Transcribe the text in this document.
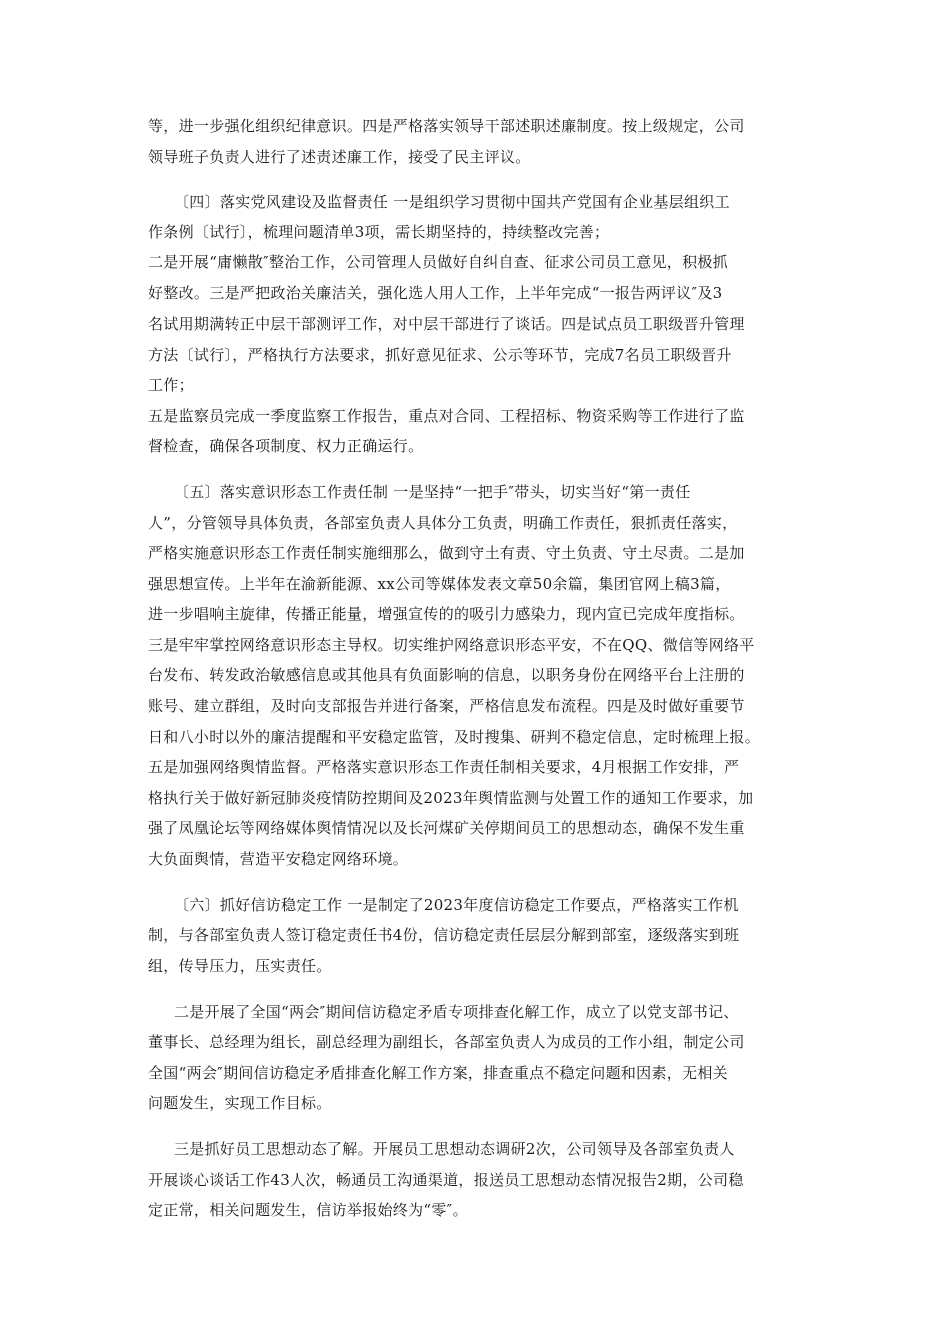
等，进一步强化组织纪律意识。四是严格落实领导干部述职述廉制度。按上级规定，公司
领导班子负责人进行了述责述廉工作，接受了民主评议。
〔四〕落实党风建设及监督责任 一是组织学习贯彻中国共产党国有企业基层组织工
作条例〔试行〕，梳理问题清单3项，需长期坚持的，持续整改完善；
二是开展“庸懒散″整治工作，公司管理人员做好自纠自查、征求公司员工意见，积极抓
好整改。三是严把政治关廉洁关，强化选人用人工作，上半年完成“一报告两评议″及3
名试用期满转正中层干部测评工作，对中层干部进行了谈话。四是试点员工职级晋升管理
方法〔试行〕，严格执行方法要求，抓好意见征求、公示等环节，完成7名员工职级晋升
工作；
五是监察员完成一季度监察工作报告，重点对合同、工程招标、物资采购等工作进行了监
督检查，确保各项制度、权力正确运行。
〔五〕落实意识形态工作责任制 一是坚持“一把手″带头，切实当好“第一责任
人”，分管领导具体负责，各部室负责人具体分工负责，明确工作责任，狠抓责任落实，
严格实施意识形态工作责任制实施细那么，做到守土有责、守土负责、守土尽责。二是加
强思想宣传。上半年在渝新能源、xx公司等媒体发表文章50余篇，集团官网上稿3篇，
进一步唱响主旋律，传播正能量，增强宣传的的吸引力感染力，现内宣已完成年度指标。
三是牢牢掌控网络意识形态主导权。切实维护网络意识形态平安，不在QQ、微信等网络平
台发布、转发政治敏感信息或其他具有负面影响的信息，以职务身份在网络平台上注册的
账号、建立群组，及时向支部报告并进行备案，严格信息发布流程。四是及时做好重要节
日和八小时以外的廉洁提醒和平安稳定监管，及时搜集、研判不稳定信息，定时梳理上报。
五是加强网络舆情监督。严格落实意识形态工作责任制相关要求，4月根据工作安排，严
格执行关于做好新冠肺炎疫情防控期间及2023年舆情监测与处置工作的通知工作要求，加
强了凤凰论坛等网络媒体舆情情况以及长河煤矿关停期间员工的思想动态，确保不发生重
大负面舆情，营造平安稳定网络环境。
〔六〕抓好信访稳定工作 一是制定了2023年度信访稳定工作要点，严格落实工作机
制，与各部室负责人签订稳定责任书4份，信访稳定责任层层分解到部室，逐级落实到班
组，传导压力，压实责任。
二是开展了全国“两会″期间信访稳定矛盾专项排查化解工作，成立了以党支部书记、
董事长、总经理为组长，副总经理为副组长，各部室负责人为成员的工作小组，制定公司
全国“两会″期间信访稳定矛盾排查化解工作方案，排查重点不稳定问题和因素，无相关
问题发生，实现工作目标。
三是抓好员工思想动态了解。开展员工思想动态调研2次，公司领导及各部室负责人
开展谈心谈话工作43人次，畅通员工沟通渠道，报送员工思想动态情况报告2期，公司稳
定正常，相关问题发生，信访举报始终为“零″。
